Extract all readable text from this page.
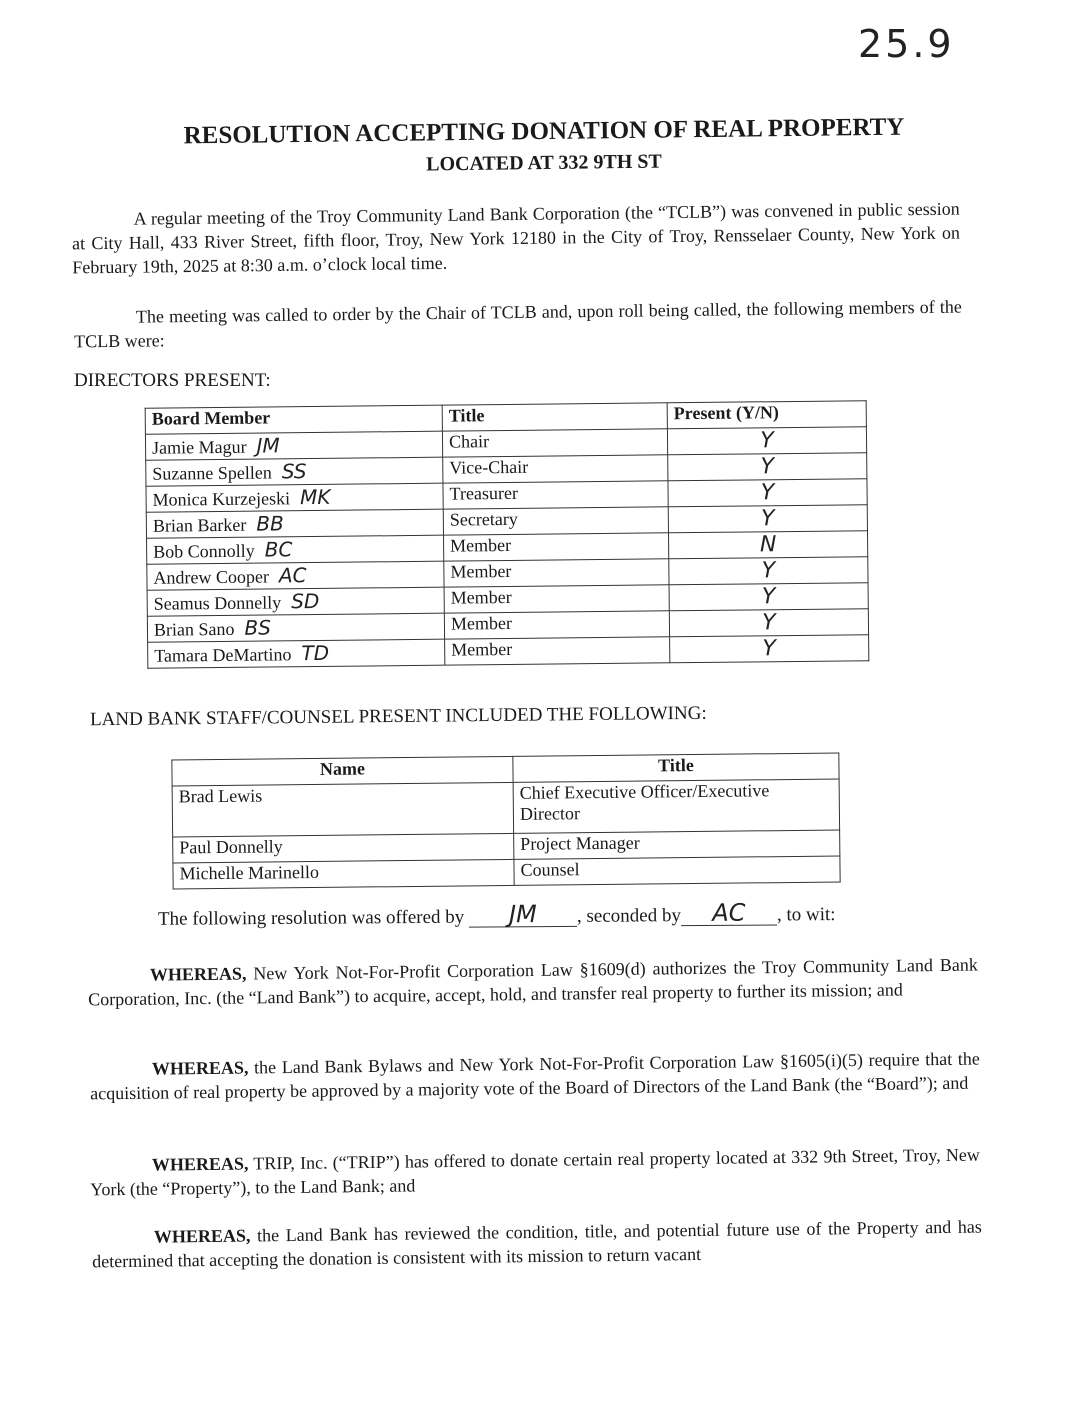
25.9
RESOLUTION ACCEPTING DONATION OF REAL PROPERTY
LOCATED AT 332 9TH ST
A regular meeting of the Troy Community Land Bank Corporation (the “TCLB”) was convened in public session at City Hall, 433 River Street, fifth floor, Troy, New York 12180 in the City of Troy, Rensselaer County, New York on February 19th, 2025 at 8:30 a.m. o’clock local time.
The meeting was called to order by the Chair of TCLB and, upon roll being called, the following members of the TCLB were:
DIRECTORS PRESENT:
Board Member	Title	Present (Y/N)
Jamie Magur JM	Chair	Y
Suzanne Spellen SS	Vice-Chair	Y
Monica Kurzejeski MK	Treasurer	Y
Brian Barker BB	Secretary	Y
Bob Connolly BC	Member	N
Andrew Cooper AC	Member	Y
Seamus Donnelly SD	Member	Y
Brian Sano BS	Member	Y
Tamara DeMartino TD	Member	Y
LAND BANK STAFF/COUNSEL PRESENT INCLUDED THE FOLLOWING:
Name	Title
Brad Lewis	Chief Executive Officer/Executive Director
Paul Donnelly	Project Manager
Michelle Marinello	Counsel
The following resolution was offered by JM , seconded by AC , to wit:
WHEREAS, New York Not-For-Profit Corporation Law §1609(d) authorizes the Troy Community Land Bank Corporation, Inc. (the “Land Bank”) to acquire, accept, hold, and transfer real property to further its mission; and
WHEREAS, the Land Bank Bylaws and New York Not-For-Profit Corporation Law §1605(i)(5) require that the acquisition of real property be approved by a majority vote of the Board of Directors of the Land Bank (the “Board”); and
WHEREAS, TRIP, Inc. (“TRIP”) has offered to donate certain real property located at 332 9th Street, Troy, New York (the “Property”), to the Land Bank; and
WHEREAS, the Land Bank has reviewed the condition, title, and potential future use of the Property and has determined that accepting the donation is consistent with its mission to return vacant
